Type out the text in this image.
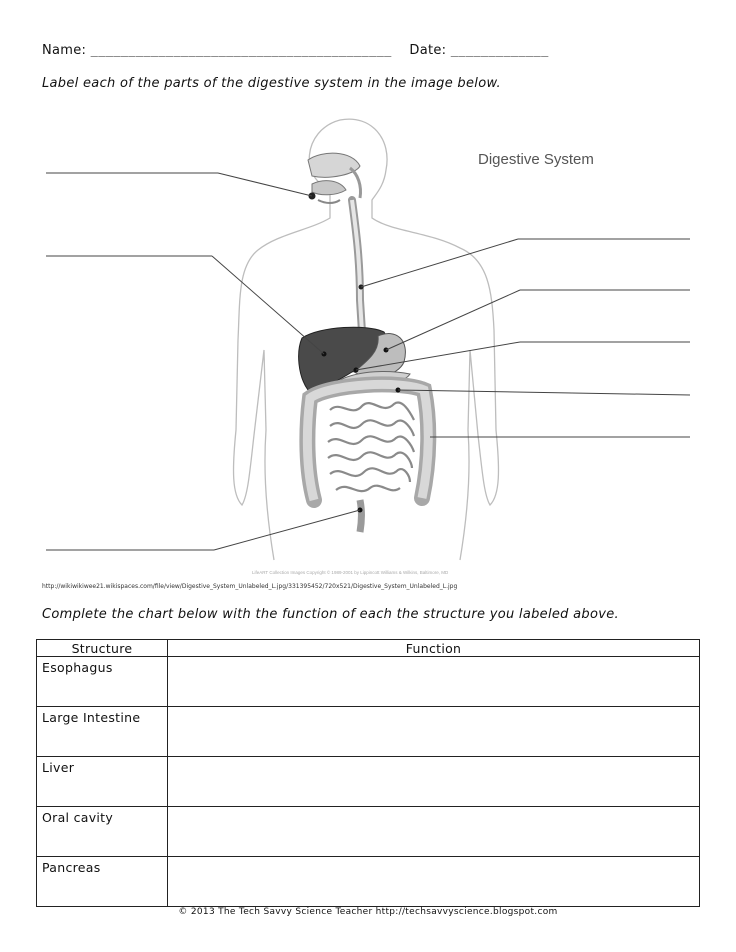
Name: ________________________________________ Date: _____________
Label each of the parts of the digestive system in the image below.
Digestive System
LifeART Collection Images Copyright © 1989-2001 by Lippincott Williams & Wilkins, Baltimore, MD
http://wikiwikiwee21.wikispaces.com/file/view/Digestive_System_Unlabeled_L.jpg/331395452/720x521/Digestive_System_Unlabeled_L.jpg
Complete the chart below with the function of each the structure you labeled above.
Structure	Function
Esophagus	
Large Intestine	
Liver	
Oral cavity	
Pancreas	
© 2013 The Tech Savvy Science Teacher http://techsavvyscience.blogspot.com
